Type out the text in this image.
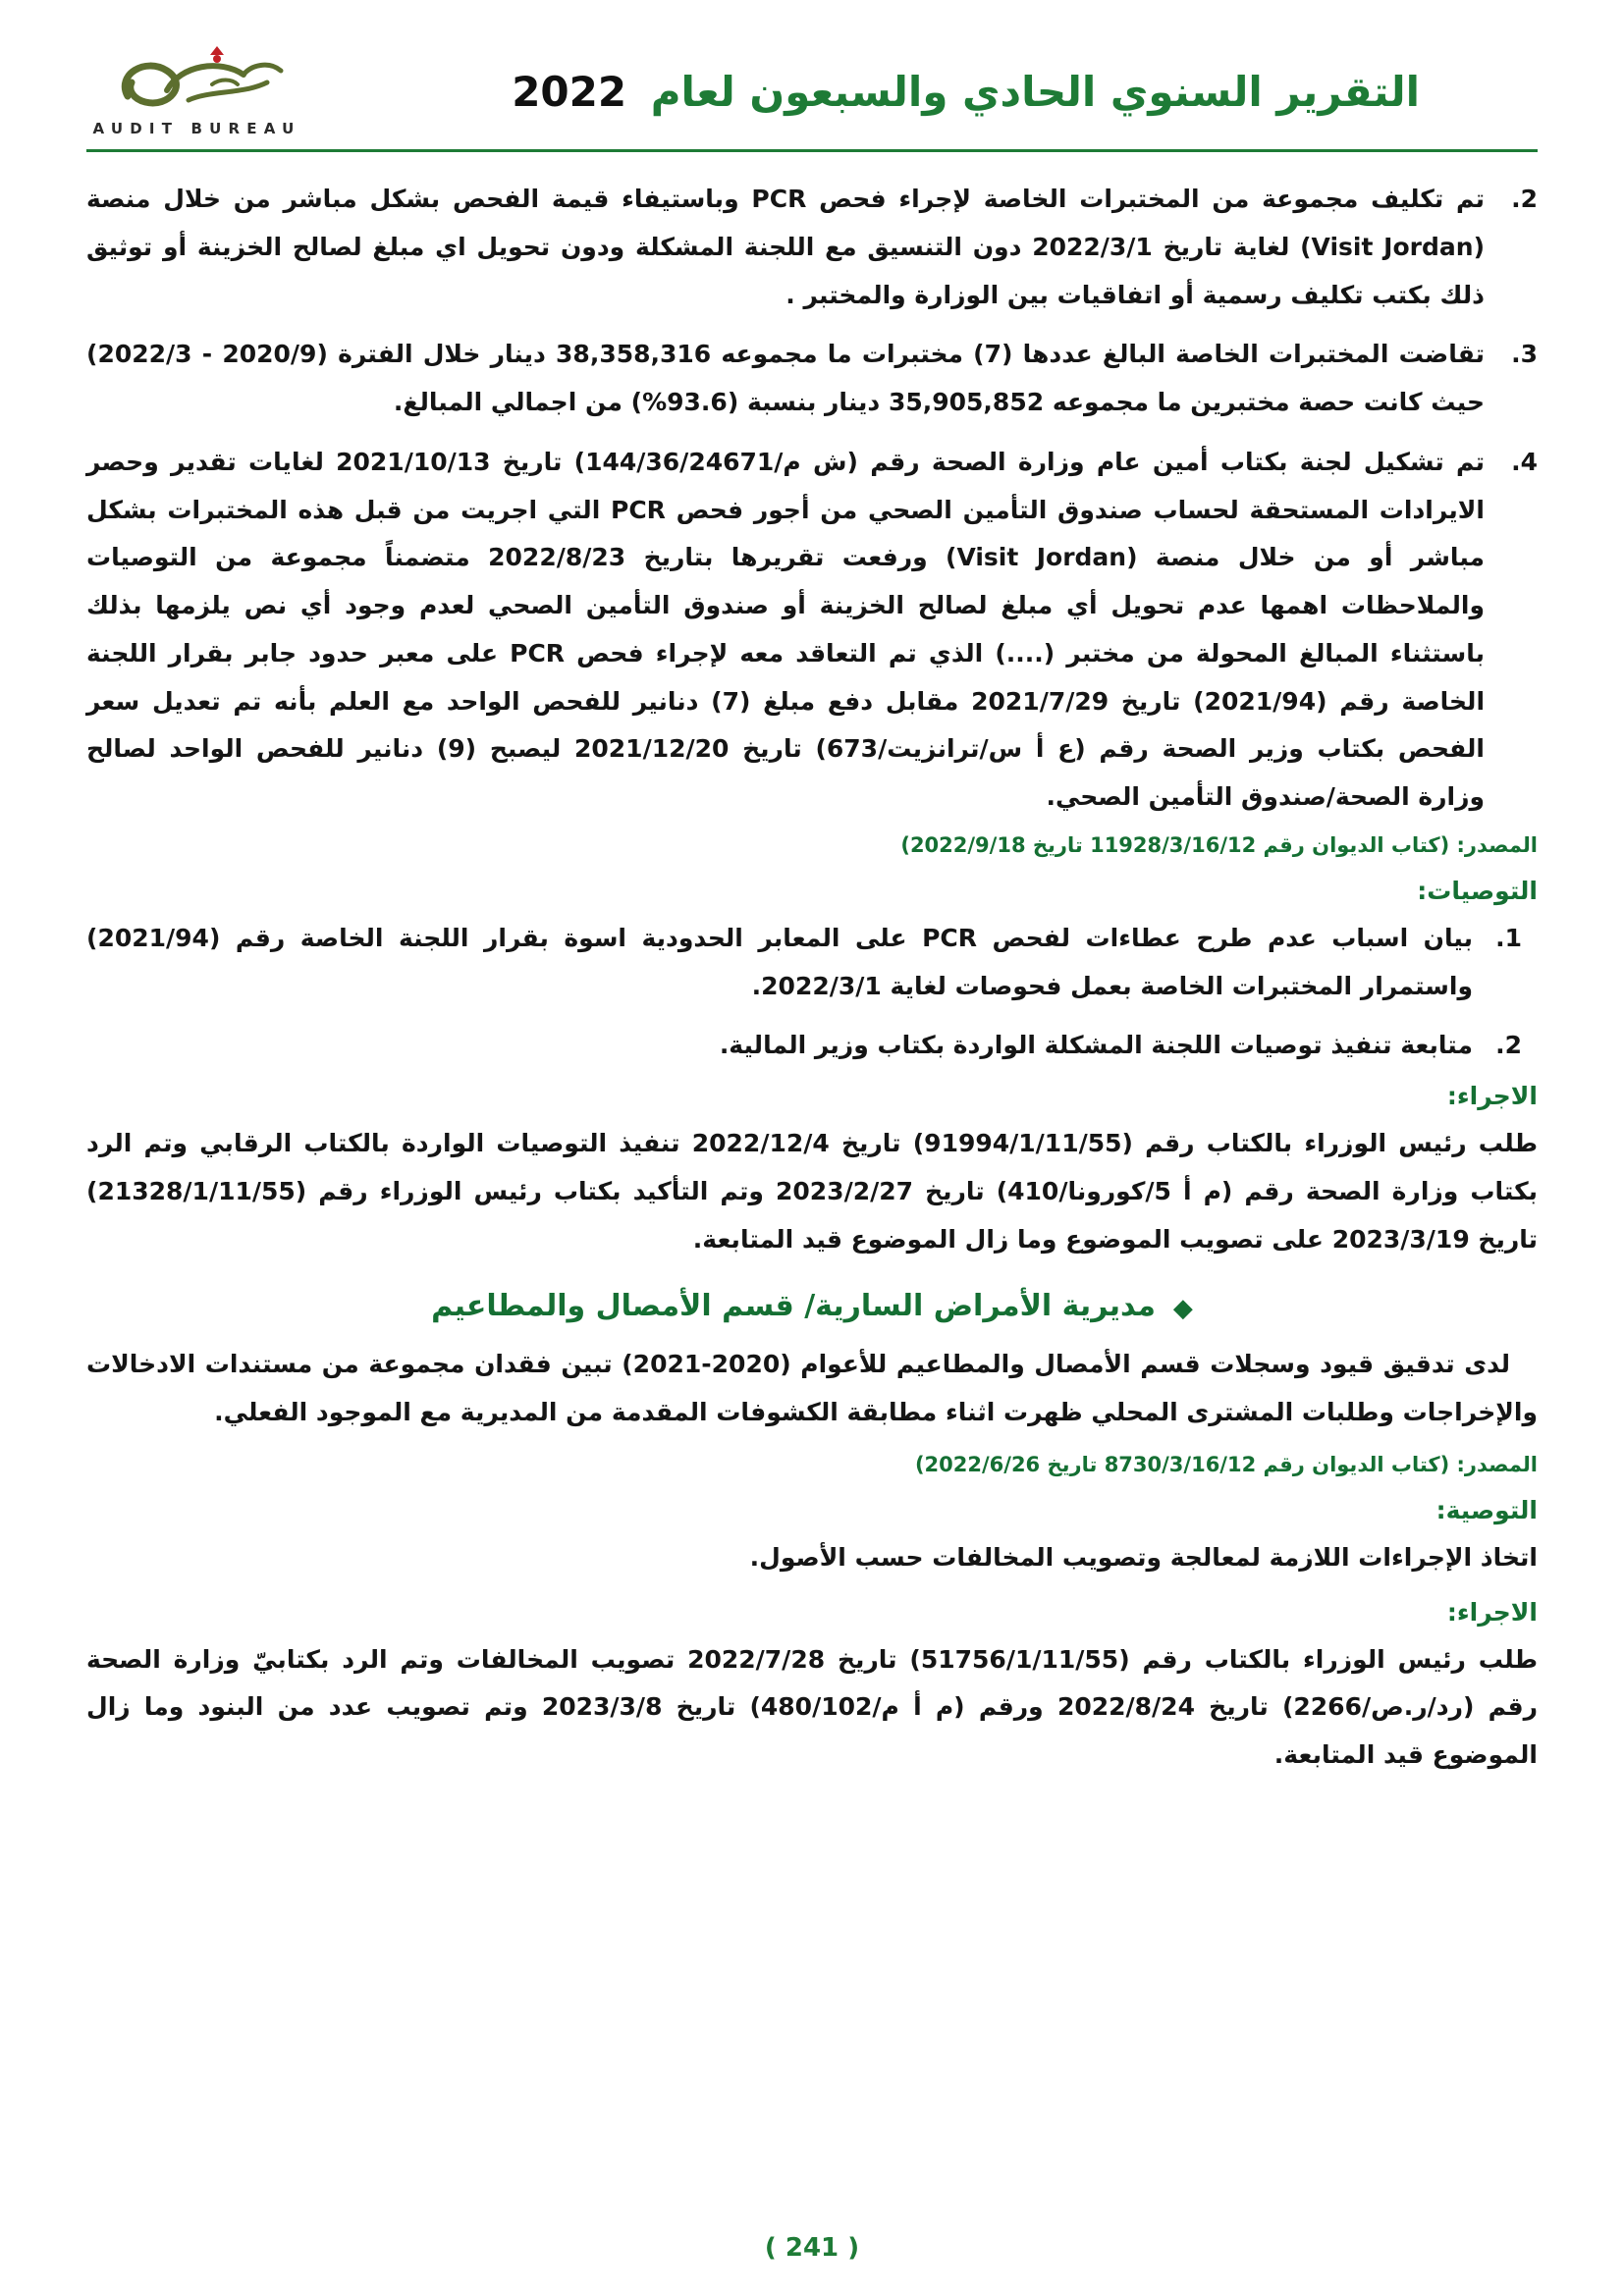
التقرير السنوي الحادي والسبعون لعام 2022
AUDIT BUREAU
2.

تم تكليف مجموعة من المختبرات الخاصة لإجراء فحص PCR وباستيفاء قيمة الفحص بشكل مباشر من خلال منصة (Visit Jordan) لغاية تاريخ 2022/3/1 دون التنسيق مع اللجنة المشكلة ودون تحويل اي مبلغ لصالح الخزينة أو توثيق ذلك بكتب تكليف رسمية أو اتفاقيات بين الوزارة والمختبر .

3.

تقاضت المختبرات الخاصة البالغ عددها (7) مختبرات ما مجموعه 38,358,316 دينار خلال الفترة (2020/9 - 2022/3) حيث كانت حصة مختبرين ما مجموعه 35,905,852 دينار بنسبة (93.6%) من اجمالي المبالغ.

4.

تم تشكيل لجنة بكتاب أمين عام وزارة الصحة رقم (ش م/144/36/24671) تاريخ 2021/10/13 لغايات تقدير وحصر الايرادات المستحقة لحساب صندوق التأمين الصحي من أجور فحص PCR التي اجريت من قبل هذه المختبرات بشكل مباشر أو من خلال منصة (Visit Jordan) ورفعت تقريرها بتاريخ 2022/8/23 متضمناً مجموعة من التوصيات والملاحظات اهمها عدم تحويل أي مبلغ لصالح الخزينة أو صندوق التأمين الصحي لعدم وجود أي نص يلزمها بذلك باستثناء المبالغ المحولة من مختبر (....) الذي تم التعاقد معه لإجراء فحص PCR على معبر حدود جابر بقرار اللجنة الخاصة رقم (2021/94) تاريخ 2021/7/29 مقابل دفع مبلغ (7) دنانير للفحص الواحد مع العلم بأنه تم تعديل سعر الفحص بكتاب وزير الصحة رقم (ع أ س/ترانزيت/673) تاريخ 2021/12/20 ليصبح (9) دنانير للفحص الواحد لصالح وزارة الصحة/صندوق التأمين الصحي.

المصدر: (كتاب الديوان رقم 11928/3/16/12 تاريخ 2022/9/18)

التوصيات:
1.

بيان اسباب عدم طرح عطاءات لفحص PCR على المعابر الحدودية اسوة بقرار اللجنة الخاصة رقم (2021/94) واستمرار المختبرات الخاصة بعمل فحوصات لغاية 2022/3/1.

2.

متابعة تنفيذ توصيات اللجنة المشكلة الواردة بكتاب وزير المالية.

الاجراء:

طلب رئيس الوزراء بالكتاب رقم (91994/1/11/55) تاريخ 2022/12/4 تنفيذ التوصيات الواردة بالكتاب الرقابي وتم الرد بكتاب وزارة الصحة رقم (م أ 5/كورونا/410) تاريخ 2023/2/27 وتم التأكيد بكتاب رئيس الوزراء رقم (21328/1/11/55) تاريخ 2023/3/19 على تصويب الموضوع وما زال الموضوع قيد المتابعة.

◆
مديرية الأمراض السارية/ قسم الأمصال والمطاعيم

لدى تدقيق قيود وسجلات قسم الأمصال والمطاعيم للأعوام (2020-2021) تبين فقدان مجموعة من مستندات الادخالات والإخراجات وطلبات المشترى المحلي ظهرت اثناء مطابقة الكشوفات المقدمة من المديرية مع الموجود الفعلي.

المصدر: (كتاب الديوان رقم 8730/3/16/12 تاريخ 2022/6/26)

التوصية:

اتخاذ الإجراءات اللازمة لمعالجة وتصويب المخالفات حسب الأصول.

الاجراء:

طلب رئيس الوزراء بالكتاب رقم (51756/1/11/55) تاريخ 2022/7/28 تصويب المخالفات وتم الرد بكتابيّ وزارة الصحة رقم (رد/ر.ص/2266) تاريخ 2022/8/24 ورقم (م أ م/480/102) تاريخ 2023/3/8 وتم تصويب عدد من البنود وما زال الموضوع قيد المتابعة.

( 241 )
